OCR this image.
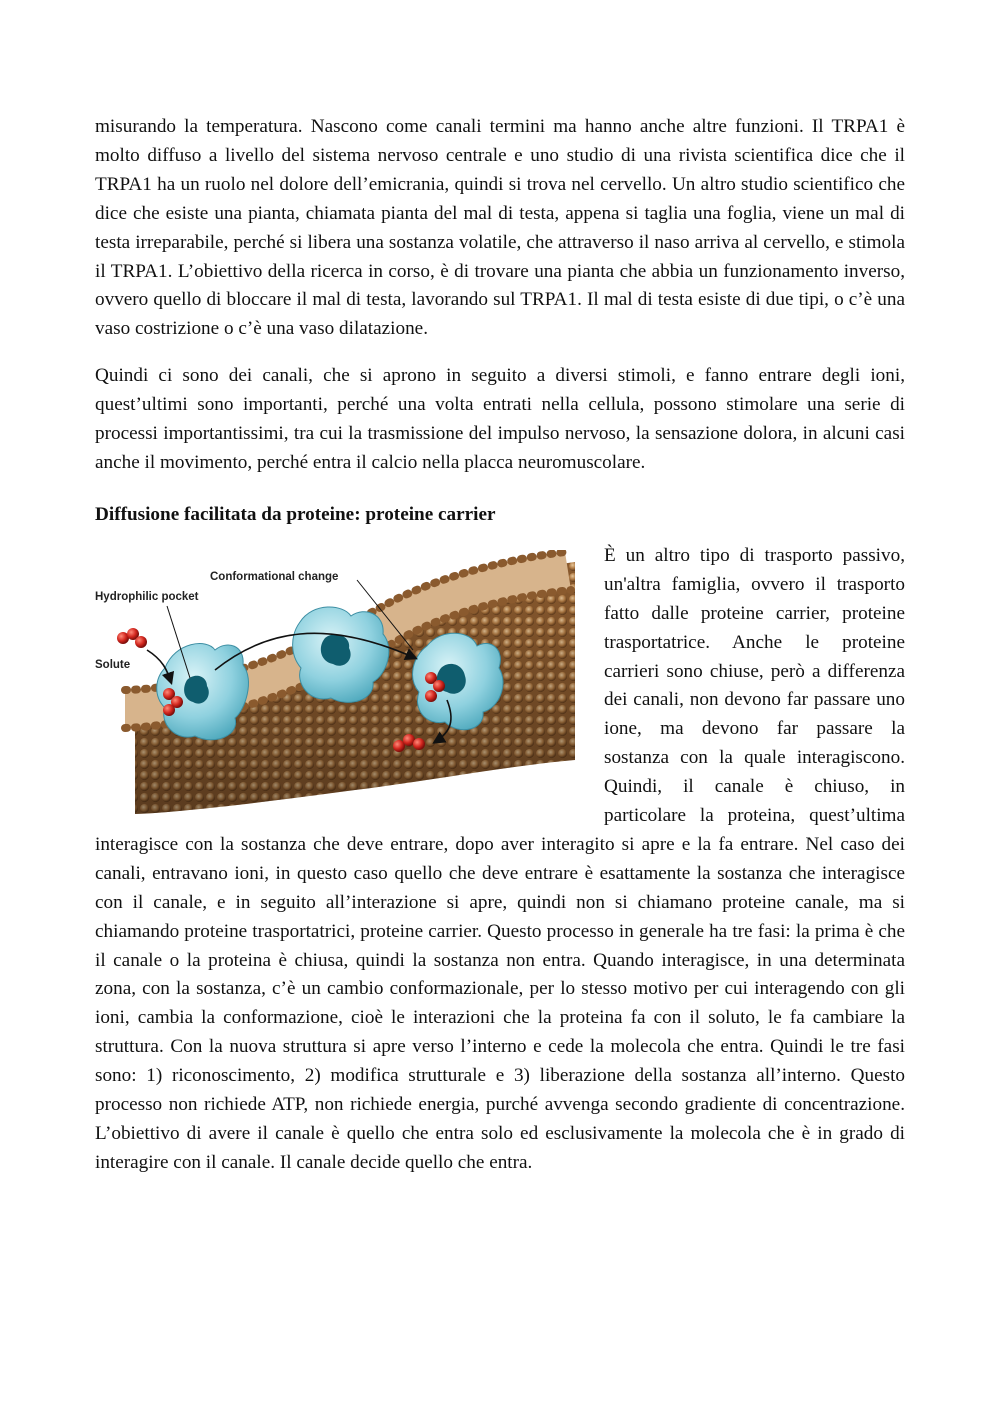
misurando la temperatura. Nascono come canali termini ma hanno anche altre funzioni. Il TRPA1 è molto diffuso a livello del sistema nervoso centrale e uno studio di una rivista scientifica dice che il TRPA1 ha un ruolo nel dolore dell’emicrania, quindi si trova nel cervello. Un altro studio scientifico che dice che esiste una pianta, chiamata pianta del mal di testa, appena si taglia una foglia, viene un mal di testa irreparabile, perché si libera una sostanza volatile, che attraverso il naso arriva al cervello, e stimola il TRPA1. L’obiettivo della ricerca in corso, è di trovare una pianta che abbia un funzionamento inverso, ovvero quello di bloccare il mal di testa, lavorando sul TRPA1. Il mal di testa esiste di due tipi, o c’è una vaso costrizione o c’è una vaso dilatazione.

Quindi ci sono dei canali, che si aprono in seguito a diversi stimoli, e fanno entrare degli ioni, quest’ultimi sono importanti, perché una volta entrati nella cellula, possono stimolare una serie di processi importantissimi, tra cui la trasmissione del impulso nervoso, la sensazione dolora, in alcuni casi anche il movimento, perché entra il calcio nella placca neuromuscolare.

Diffusione facilitata da proteine: proteine carrier
Conformational change
Hydrophilic pocket
Solute

È un altro tipo di trasporto passivo, un'altra famiglia, ovvero il trasporto fatto dalle proteine carrier, proteine trasportatrice. Anche le proteine carrieri sono chiuse, però a differenza dei canali, non devono far passare uno ione, ma devono far passare la sostanza con la quale interagiscono. Quindi, il canale è chiuso, in particolare la proteina, quest’ultima interagisce con la sostanza che deve entrare, dopo aver interagito si apre e la fa entrare. Nel caso dei canali, entravano ioni, in questo caso quello che deve entrare è esattamente la sostanza che interagisce con il canale, e in seguito all’interazione si apre, quindi non si chiamano proteine canale, ma si chiamando proteine trasportatrici, proteine carrier. Questo processo in generale ha tre fasi: la prima è che il canale o la proteina è chiusa, quindi la sostanza non entra. Quando interagisce, in una determinata zona, con la sostanza, c’è un cambio conformazionale, per lo stesso motivo per cui interagendo con gli ioni, cambia la conformazione, cioè le interazioni che la proteina fa con il soluto, le fa cambiare la struttura. Con la nuova struttura si apre verso l’interno e cede la molecola che entra. Quindi le tre fasi sono: 1) riconoscimento, 2) modifica strutturale e 3) liberazione della sostanza all’interno. Questo processo non richiede ATP, non richiede energia, purché avvenga secondo gradiente di concentrazione. L’obiettivo di avere il canale è quello che entra solo ed esclusivamente la molecola che è in grado di interagire con il canale. Il canale decide quello che entra.
